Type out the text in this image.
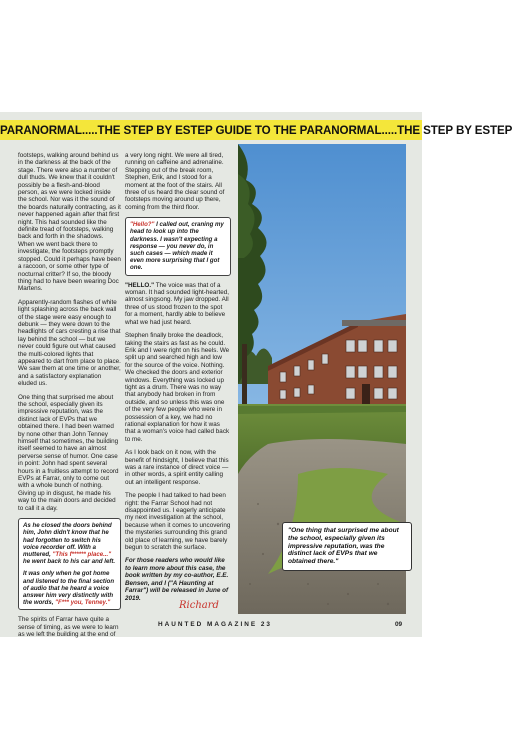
PARANORMAL.....THE STEP BY ESTEP GUIDE TO THE PARANORMAL.....THE STEP BY ESTEP

footsteps, walking around behind us in the darkness at the back of the stage. There were also a number of dull thuds. We knew that it couldn't possibly be a flesh-and-blood person, as we were locked inside the school. Nor was it the sound of the boards naturally contracting, as it never happened again after that first night. This had sounded like the definite tread of footsteps, walking back and forth in the shadows. When we went back there to investigate, the footsteps promptly stopped. Could it perhaps have been a raccoon, or some other type of nocturnal critter? If so, the bloody thing had to have been wearing Doc Martens.

Apparently-random flashes of white light splashing across the back wall of the stage were easy enough to debunk — they were down to the headlights of cars cresting a rise that lay behind the school — but we never could figure out what caused the multi-colored lights that appeared to dart from place to place. We saw them at one time or another, and a satisfactory explanation eluded us.

One thing that surprised me about the school, especially given its impressive reputation, was the distinct lack of EVPs that we obtained there. I had been warned by none other than John Tenney himself that sometimes, the building itself seemed to have an almost perverse sense of humor. One case in point: John had spent several hours in a fruitless attempt to record EVPs at Farrar, only to come out with a whole bunch of nothing. Giving up in disgust, he made his way to the main doors and decided to call it a day.

As he closed the doors behind him, John didn't know that he had forgotten to switch his voice recorder off. With a muttered, "This f****** place..." he went back to his car and left.

It was only when he got home and listened to the final section of audio that he heard a voice answer him very distinctly with the words, "F*** you, Tenney."

The spirits of Farrar have quite a sense of timing, as we were to learn as we left the building at the end of

a very long night. We were all tired, running on caffeine and adrenaline. Stepping out of the break room, Stephen, Erik, and I stood for a moment at the foot of the stairs. All three of us heard the clear sound of footsteps moving around up there, coming from the third floor.

"Hello?" I called out, craning my head to look up into the darkness. I wasn't expecting a response — you never do, in such cases — which made it even more surprising that I got one.

"HELLO." The voice was that of a woman. It had sounded light-hearted, almost singsong. My jaw dropped. All three of us stood frozen to the spot for a moment, hardly able to believe what we had just heard.

Stephen finally broke the deadlock, taking the stairs as fast as he could. Erik and I were right on his heels. We split up and searched high and low for the source of the voice. Nothing. We checked the doors and exterior windows. Everything was locked up tight as a drum. There was no way that anybody had broken in from outside, and so unless this was one of the very few people who were in possession of a key, we had no rational explanation for how it was that a woman's voice had called back to me.

As I look back on it now, with the benefit of hindsight, I believe that this was a rare instance of direct voice — in other words, a spirit entity calling out an intelligent response.

The people I had talked to had been right: the Farrar School had not disappointed us. I eagerly anticipate my next investigation at the school, because when it comes to uncovering the mysteries surrounding this grand old place of learning, we have barely begun to scratch the surface.

For those readers who would like to learn more about this case, the book written by my co-author, E.E. Bensen, and I ("A Haunting at Farrar") will be released in June of 2019.

"One thing that surprised me about the school, especially given its impressive reputation, was the distinct lack of EVPs that we obtained there."
Richard
HAUNTED MAGAZINE 23	09
